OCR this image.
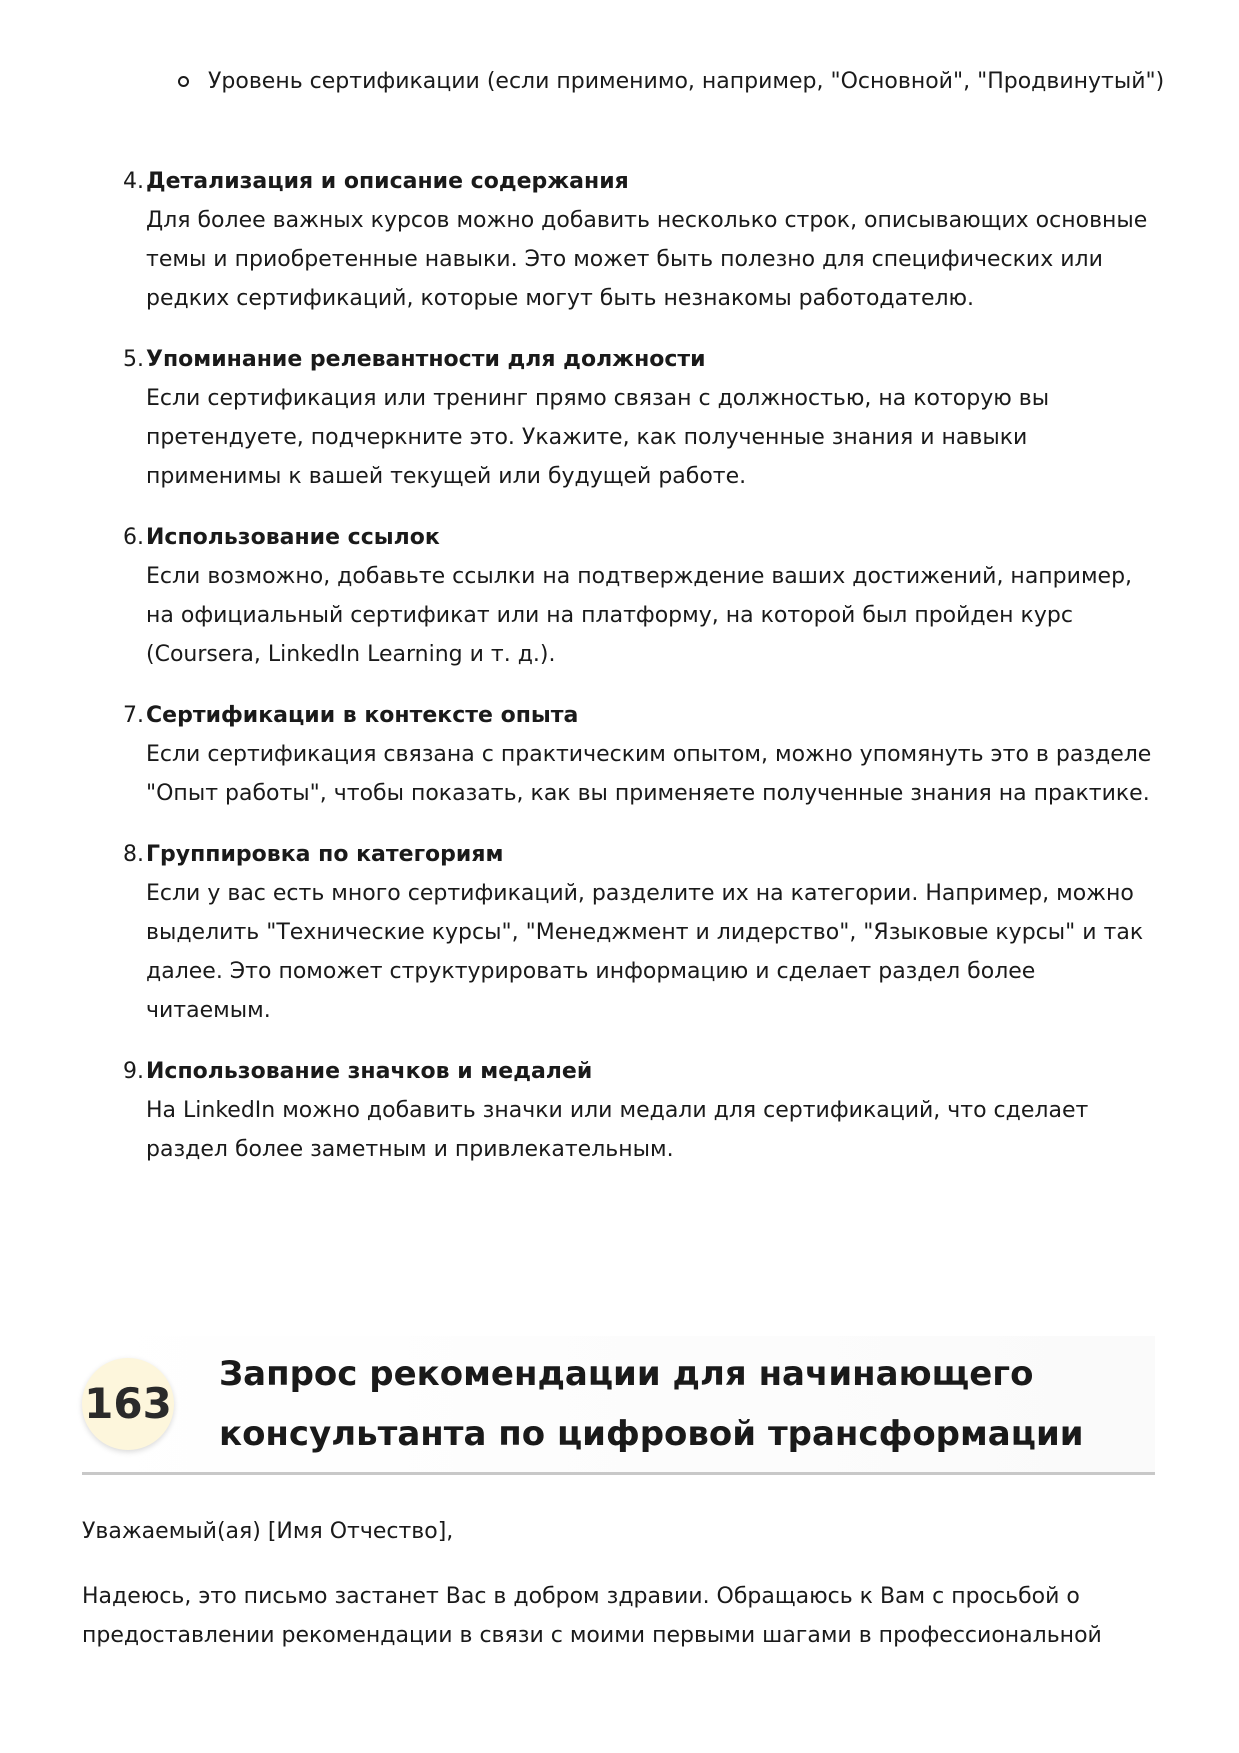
Уровень сертификации (если применимо, например, "Основной", "Продвинутый")
4. Детализация и описание содержания
Для более важных курсов можно добавить несколько строк, описывающих основные темы и приобретенные навыки. Это может быть полезно для специфических или редких сертификаций, которые могут быть незнакомы работодателю.
5. Упоминание релевантности для должности
Если сертификация или тренинг прямо связан с должностью, на которую вы претендуете, подчеркните это. Укажите, как полученные знания и навыки применимы к вашей текущей или будущей работе.
6. Использование ссылок
Если возможно, добавьте ссылки на подтверждение ваших достижений, например, на официальный сертификат или на платформу, на которой был пройден курс (Coursera, LinkedIn Learning и т. д.).
7. Сертификации в контексте опыта
Если сертификация связана с практическим опытом, можно упомянуть это в разделе "Опыт работы", чтобы показать, как вы применяете полученные знания на практике.
8. Группировка по категориям
Если у вас есть много сертификаций, разделите их на категории. Например, можно выделить "Технические курсы", "Менеджмент и лидерство", "Языковые курсы" и так далее. Это поможет структурировать информацию и сделает раздел более читаемым.
9. Использование значков и медалей
На LinkedIn можно добавить значки или медали для сертификаций, что сделает раздел более заметным и привлекательным.
163
Запрос рекомендации для начинающего
консультанта по цифровой трансформации

Уважаемый(ая) [Имя Отчество],

Надеюсь, это письмо застанет Вас в добром здравии. Обращаюсь к Вам с просьбой о предоставлении рекомендации в связи с моими первыми шагами в профессиональной
